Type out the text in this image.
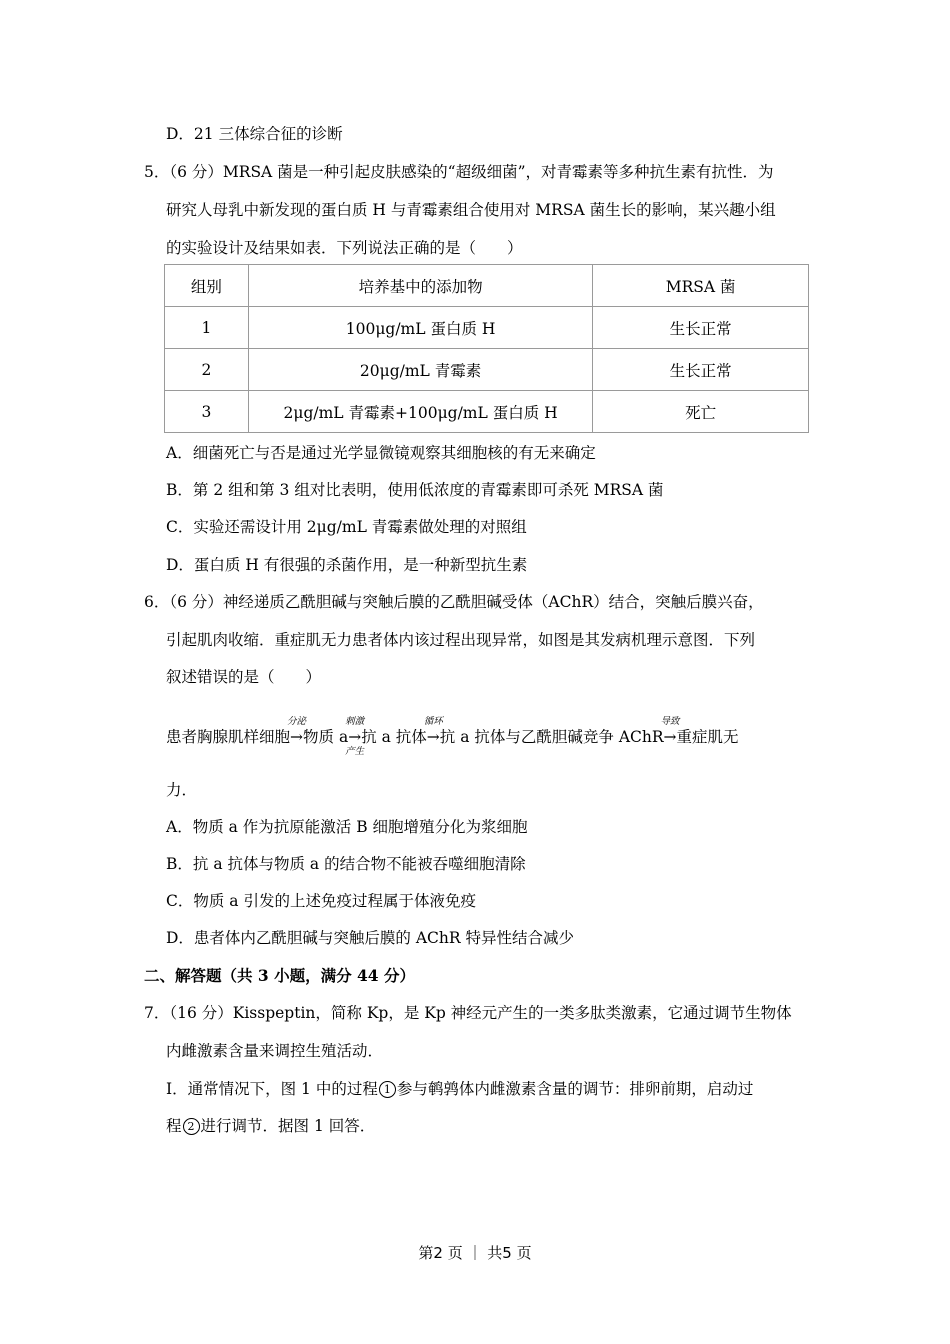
D．21 三体综合征的诊断
5．（6 分）MRSA 菌是一种引起皮肤感染的“超级细菌”，对青霉素等多种抗生素有抗性．为
研究人母乳中新发现的蛋白质 H 与青霉素组合使用对 MRSA 菌生长的影响，某兴趣小组
的实验设计及结果如表．下列说法正确的是（　　）
组别	培养基中的添加物	MRSA 菌
1	100μg/mL 蛋白质 H	生长正常
2	20μg/mL 青霉素	生长正常
3	2μg/mL 青霉素+100μg/mL 蛋白质 H	死亡
A．细菌死亡与否是通过光学显微镜观察其细胞核的有无来确定
B．第 2 组和第 3 组对比表明，使用低浓度的青霉素即可杀死 MRSA 菌
C．实验还需设计用 2μg/mL 青霉素做处理的对照组
D．蛋白质 H 有很强的杀菌作用，是一种新型抗生素
6．（6 分）神经递质乙酰胆碱与突触后膜的乙酰胆碱受体（AChR）结合，突触后膜兴奋，
引起肌肉收缩．重症肌无力患者体内该过程出现异常，如图是其发病机理示意图．下列
叙述错误的是（　　）
患者胸腺肌样细胞
分泌
→物质 a
刺激
→
产生
抗 a 抗体
循环
→抗 a 抗体与乙酰胆碱竞争 AChR
导致
→重症肌无
力．
A．物质 a 作为抗原能激活 B 细胞增殖分化为浆细胞
B．抗 a 抗体与物质 a 的结合物不能被吞噬细胞清除
C．物质 a 引发的上述免疫过程属于体液免疫
D．患者体内乙酰胆碱与突触后膜的 AChR 特异性结合减少
二、解答题（共 3 小题，满分 44 分）
7．（16 分）Kisspeptin，简称 Kp，是 Kp 神经元产生的一类多肽类激素，它通过调节生物体
内雌激素含量来调控生殖活动．
Ⅰ．通常情况下，图 1 中的过程 1 参与鹌鹑体内雌激素含量的调节：排卵前期，启动过
程 2 进行调节．据图 1 回答．
第2 页 ｜ 共5 页
